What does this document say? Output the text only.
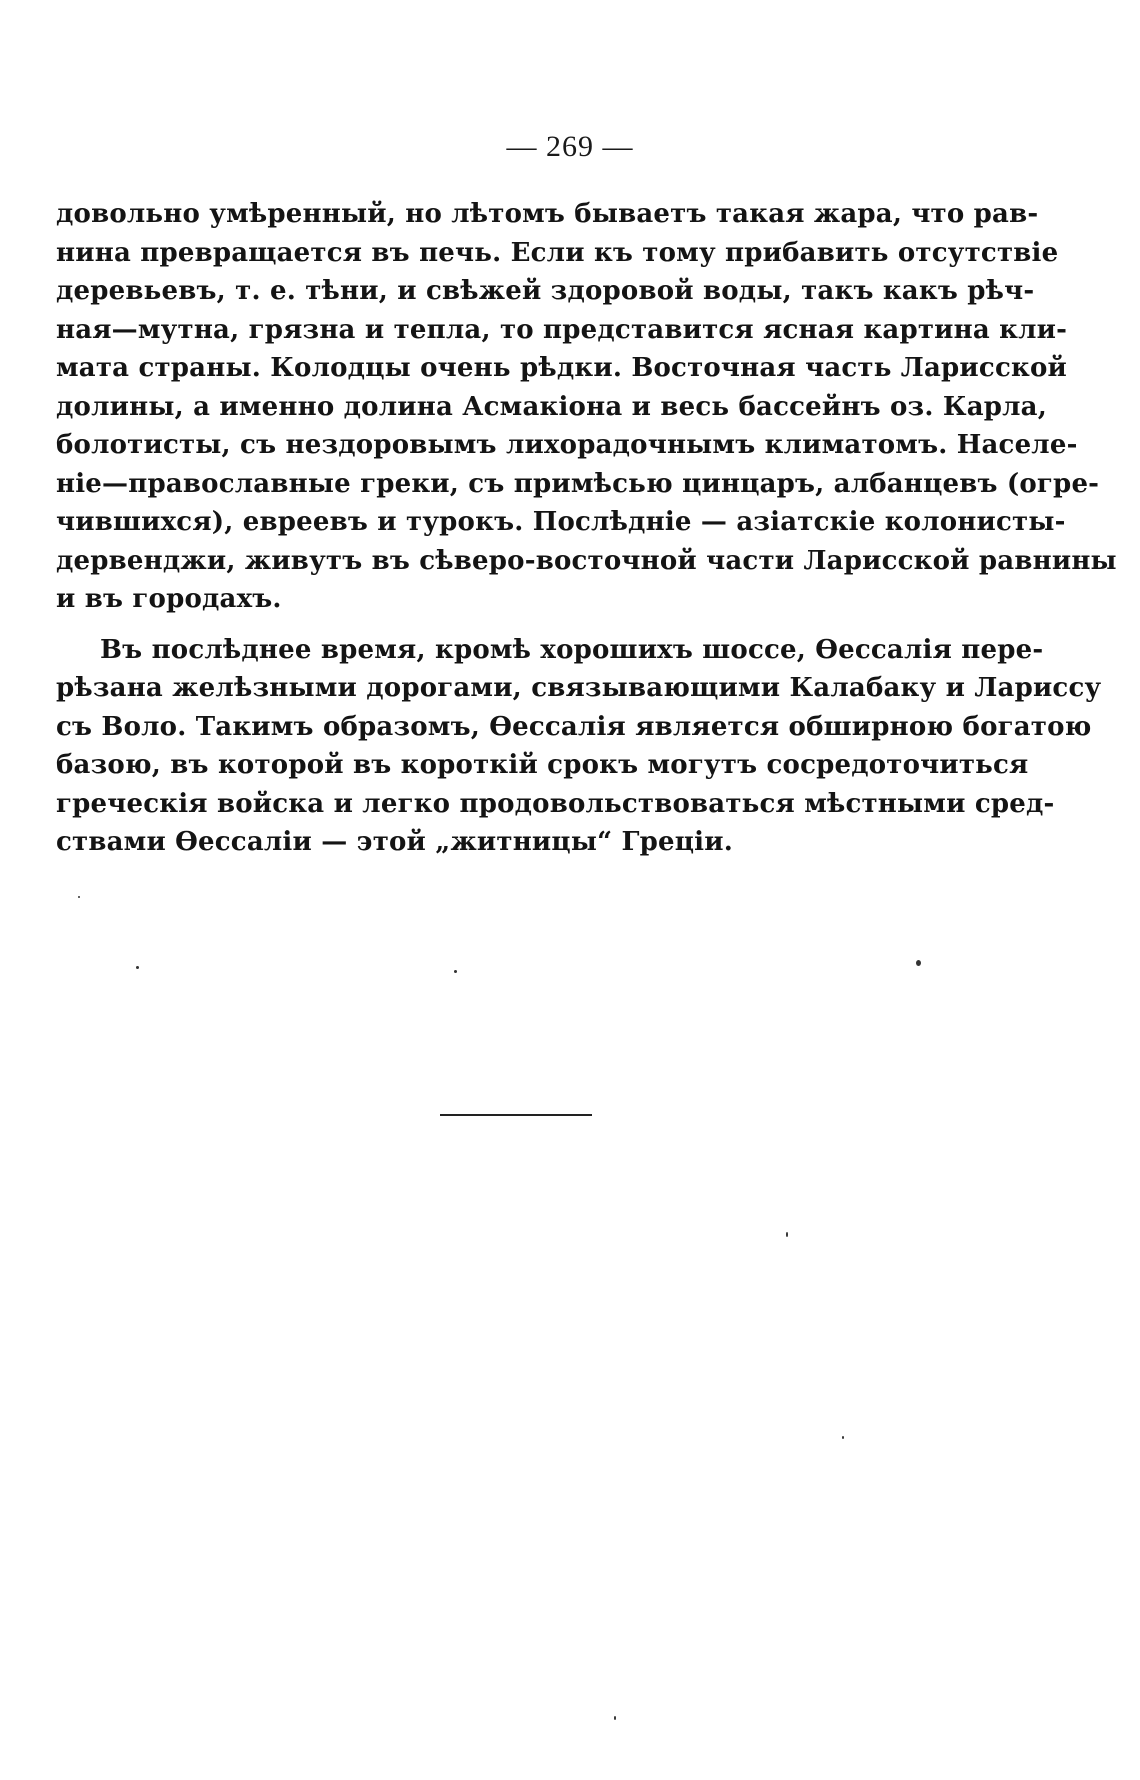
— 269 —
довольно умѣренный, но лѣтомъ бываетъ такая жара, что рав-
нина превращается въ печь. Если къ тому прибавить отсутствіе
деревьевъ, т. е. тѣни, и свѣжей здоровой воды, такъ какъ рѣч-
ная—мутна, грязна и тепла, то представится ясная картина кли-
мата страны. Колодцы очень рѣдки. Восточная часть Ларисской
долины, а именно долина Асмакіона и весь бассейнъ оз. Карла,
болотисты, съ нездоровымъ лихорадочнымъ климатомъ. Населе-
ніе—православные греки, съ примѣсью цинцаръ, албанцевъ (огре-
чившихся), евреевъ и турокъ. Послѣдніе — азіатскіе колонисты-
дервенджи, живутъ въ сѣверо-восточной части Ларисской равнины
и въ городахъ.
Въ послѣднее время, кромѣ хорошихъ шоссе, Ѳессалія пере-
рѣзана желѣзными дорогами, связывающими Калабаку и Лариссу
съ Воло. Такимъ образомъ, Ѳессалія является обширною богатою
базою, въ которой въ короткій срокъ могутъ сосредоточиться
греческія войска и легко продовольствоваться мѣстными сред-
ствами Ѳессаліи — этой „житницы“ Греціи.
